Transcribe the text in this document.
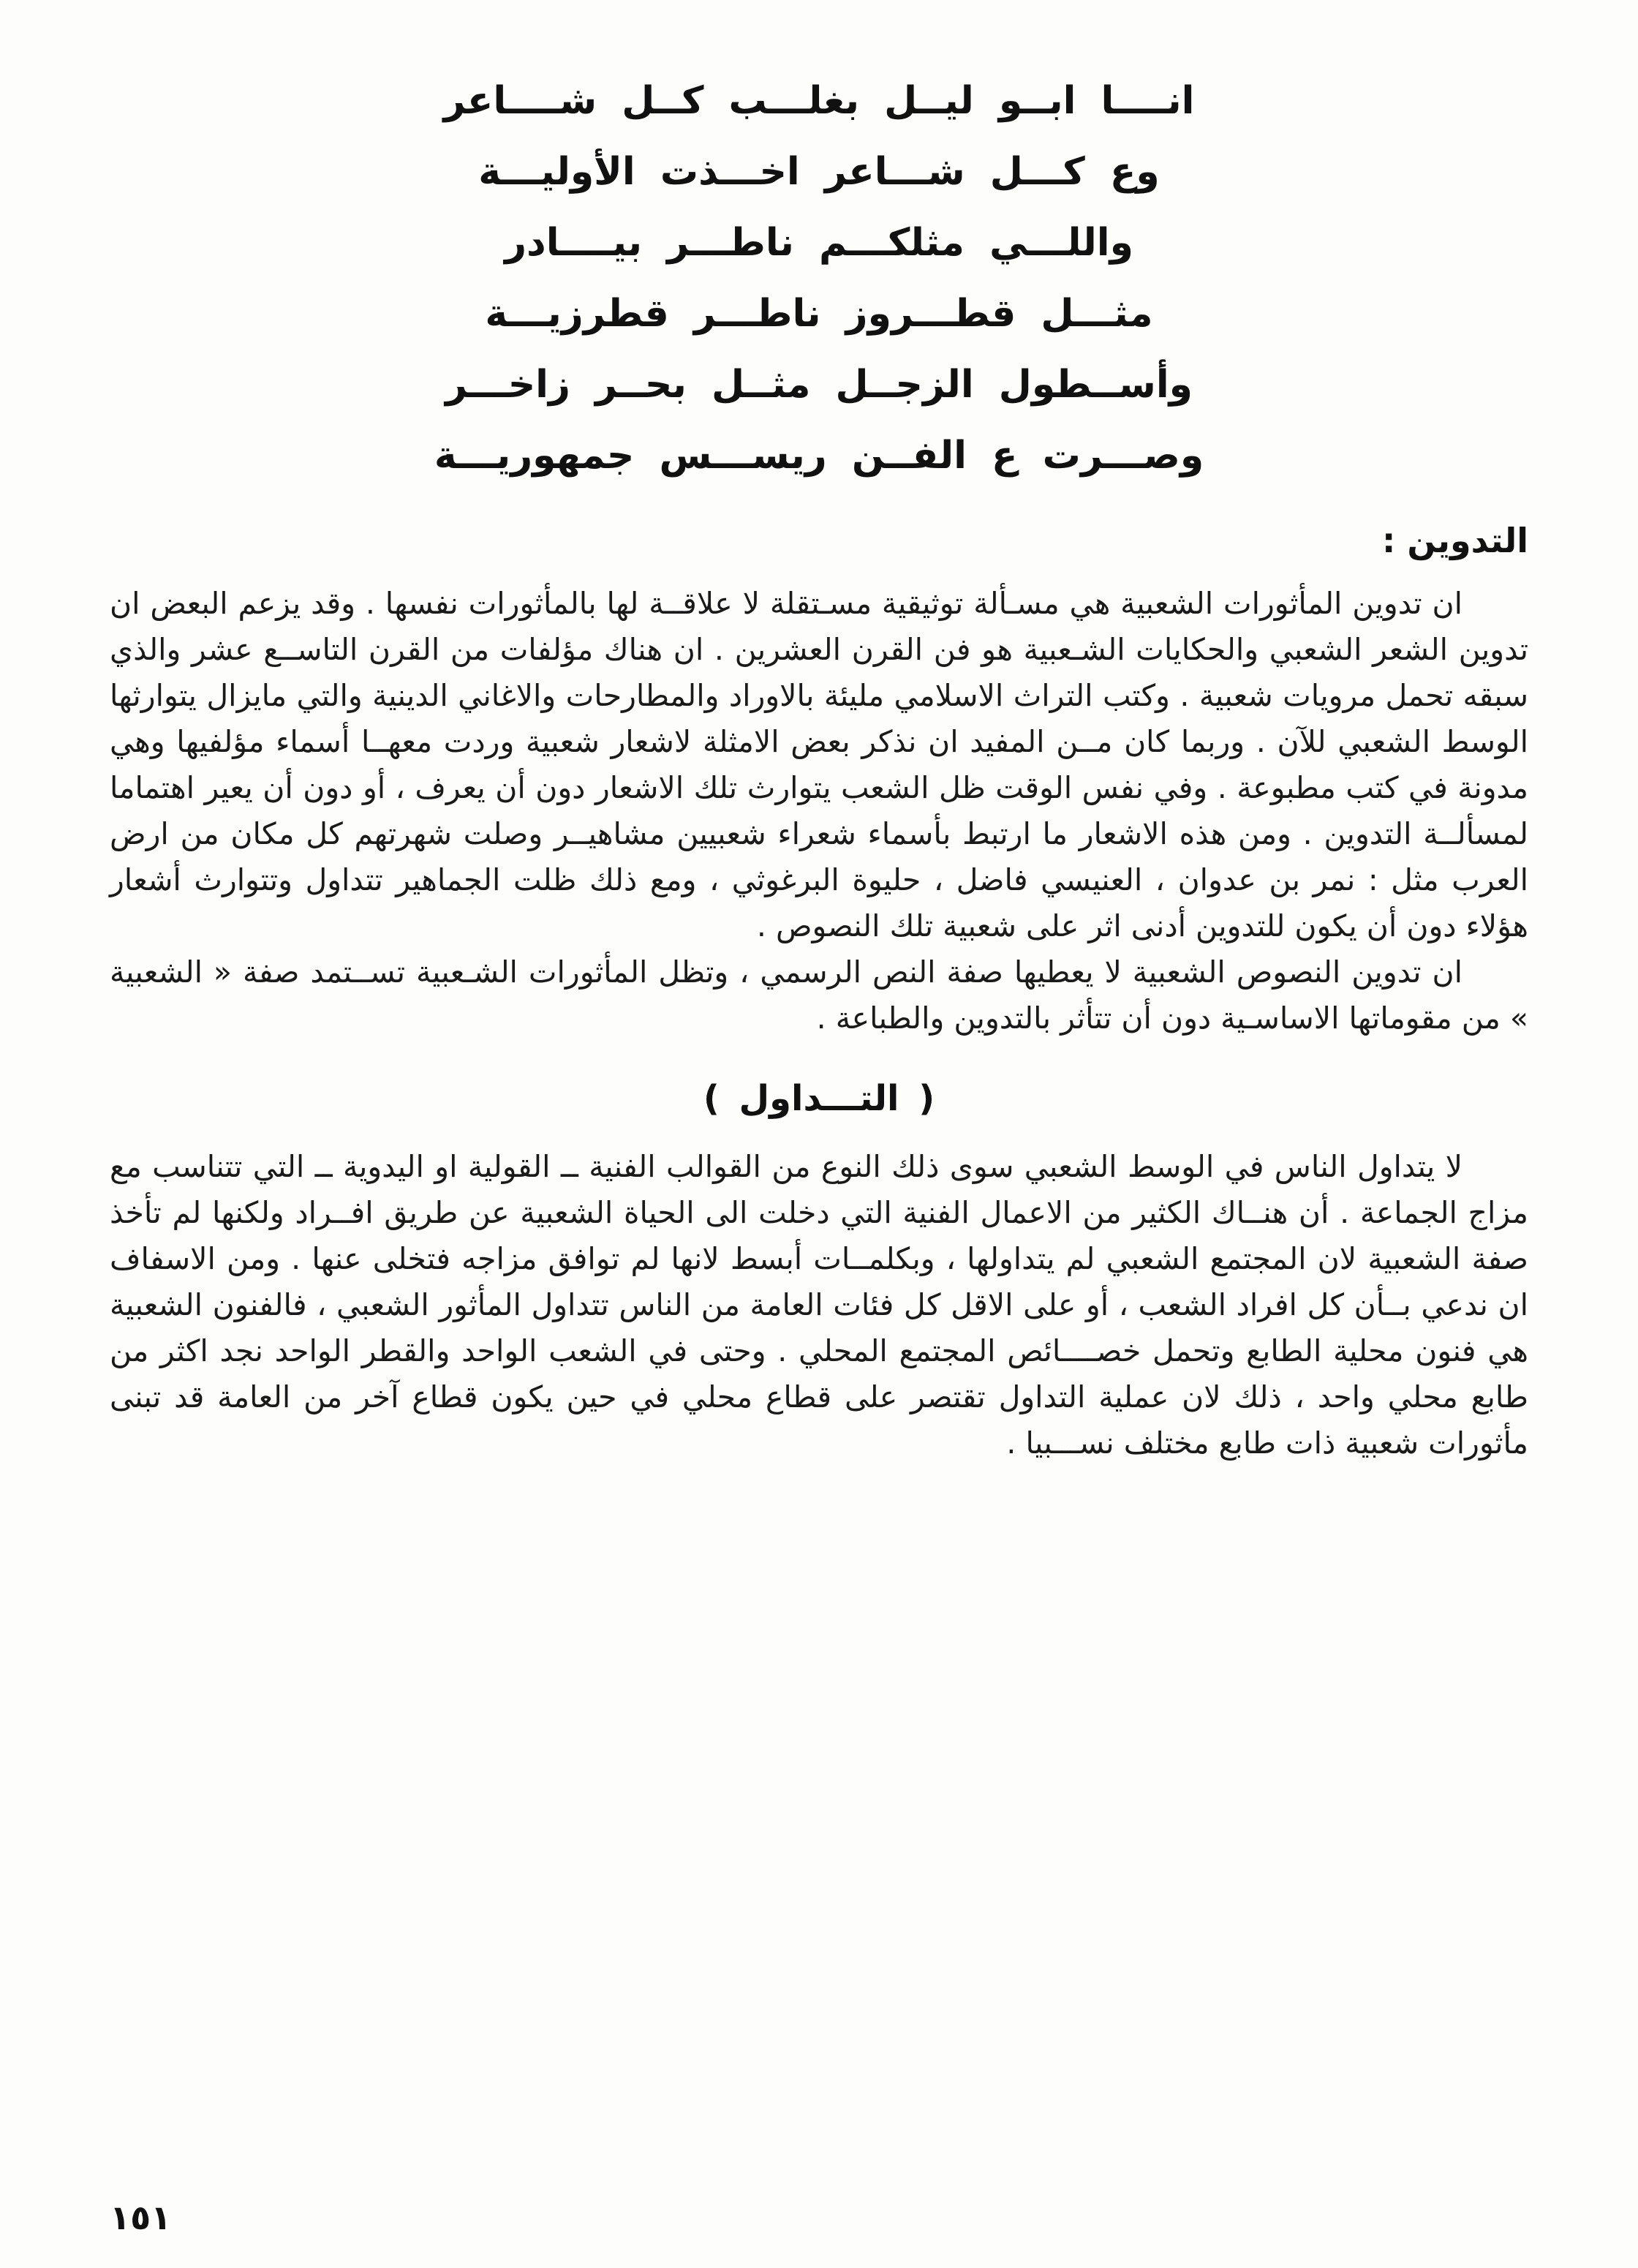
انــــا ابــو ليــل بغلـــب كــل شــــاعر
وع كـــل شـــاعر اخـــذت الأوليـــة
واللـــي مثلكـــم ناطـــر بيــــادر
مثـــل قطـــروز ناطـــر قطرزيـــة
وأســطول الزجــل مثــل بحــر زاخـــر
وصـــرت ع الفــن ريســـس جمهوريـــة
التدوين :

ان تدوين المأثورات الشعبية هي مسـألة توثيقية مسـتقلة لا علاقــة لها بالمأثورات نفسها . وقد يزعم البعض ان تدوين الشعر الشعبي والحكايات الشـعبية هو فن القرن العشرين . ان هناك مؤلفات من القرن التاســع عشر والذي سبقه تحمل مرويات شعبية . وكتب التراث الاسلامي مليئة بالاوراد والمطارحات والاغاني الدينية والتي مايزال يتوارثها الوسط الشعبي للآن . وربما كان مــن المفيد ان نذكر بعض الامثلة لاشعار شعبية وردت معهــا أسماء مؤلفيها وهي مدونة في كتب مطبوعة . وفي نفس الوقت ظل الشعب يتوارث تلك الاشعار دون أن يعرف ، أو دون أن يعير اهتماما لمسألــة التدوين . ومن هذه الاشعار ما ارتبط بأسماء شعراء شعبيين مشاهيــر وصلت شهرتهم كل مكان من ارض العرب مثل : نمر بن عدوان ، العنيسي فاضل ، حليوة البرغوثي ، ومع ذلك ظلت الجماهير تتداول وتتوارث أشعار هؤلاء دون أن يكون للتدوين أدنى اثر على شعبية تلك النصوص .

ان تدوين النصوص الشعبية لا يعطيها صفة النص الرسمي ، وتظل المأثورات الشـعبية تســتمد صفة « الشعبية » من مقوماتها الاساسـية دون أن تتأثر بالتدوين والطباعة .

( التـــداول )

لا يتداول الناس في الوسط الشعبي سوى ذلك النوع من القوالب الفنية ــ القولية او اليدوية ــ التي تتناسب مع مزاج الجماعة . أن هنــاك الكثير من الاعمال الفنية التي دخلت الى الحياة الشعبية عن طريق افــراد ولكنها لم تأخذ صفة الشعبية لان المجتمع الشعبي لم يتداولها ، وبكلمــات أبسط لانها لم توافق مزاجه فتخلى عنها . ومن الاسفاف ان ندعي بــأن كل افراد الشعب ، أو على الاقل كل فئات العامة من الناس تتداول المأثور الشعبي ، فالفنون الشعبية هي فنون محلية الطابع وتحمل خصــــائص المجتمع المحلي . وحتى في الشعب الواحد والقطر الواحد نجد اكثر من طابع محلي واحد ، ذلك لان عملية التداول تقتصر على قطاع محلي في حين يكون قطاع آخر من العامة قد تبنى مأثورات شعبية ذات طابع مختلف نســـبيا .

١٥١
